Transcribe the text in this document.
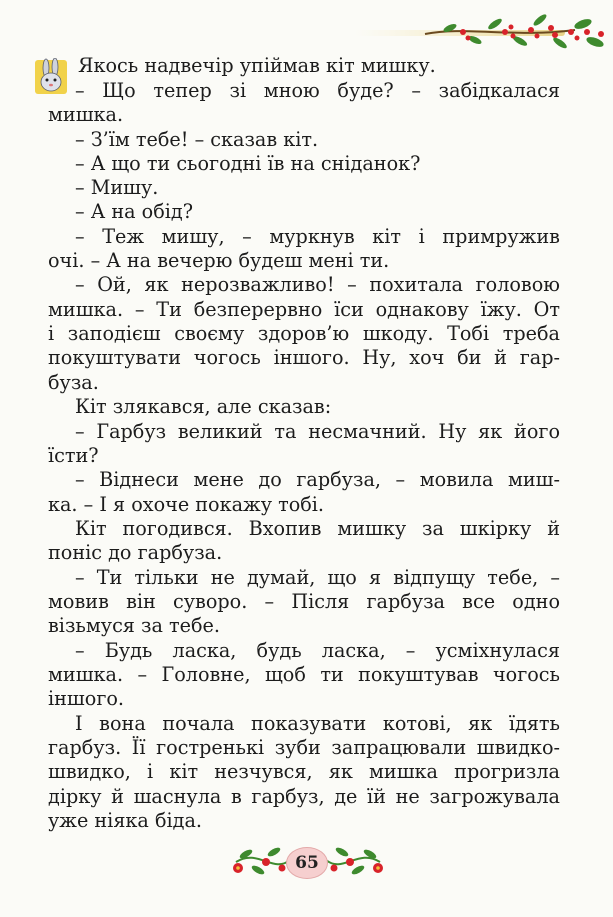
Якось надвечір упіймав кіт мишку.
– Що тепер зі мною буде? – забідкалася
мишка.
– З’їм тебе! – сказав кіт.
– А що ти сьогодні їв на сніданок?
– Мишу.
– А на обід?
– Теж мишу, – муркнув кіт і примружив
очі. – А на вечерю будеш мені ти.
– Ой, як нерозважливо! – похитала головою
мишка. – Ти безперервно їси однакову їжу. От
і заподієш своєму здоров’ю шкоду. Тобі треба
покуштувати чогось іншого. Ну, хоч би й гар-
буза.
Кіт злякався, але сказав:
– Гарбуз великий та несмачний. Ну як його
їсти?
– Віднеси мене до гарбуза, – мовила миш-
ка. – І я охоче покажу тобі.
Кіт погодився. Вхопив мишку за шкірку й
поніс до гарбуза.
– Ти тільки не думай, що я відпущу тебе, –
мовив він суворо. – Після гарбуза все одно
візьмуся за тебе.
– Будь ласка, будь ласка, – усміхнулася
мишка. – Головне, щоб ти покуштував чогось
іншого.
І вона почала показувати котові, як їдять
гарбуз. Її гостренькі зуби запрацювали швидко-
швидко, і кіт незчувся, як мишка прогризла
дірку й шаснула в гарбуз, де їй не загрожувала
уже ніяка біда.
65
